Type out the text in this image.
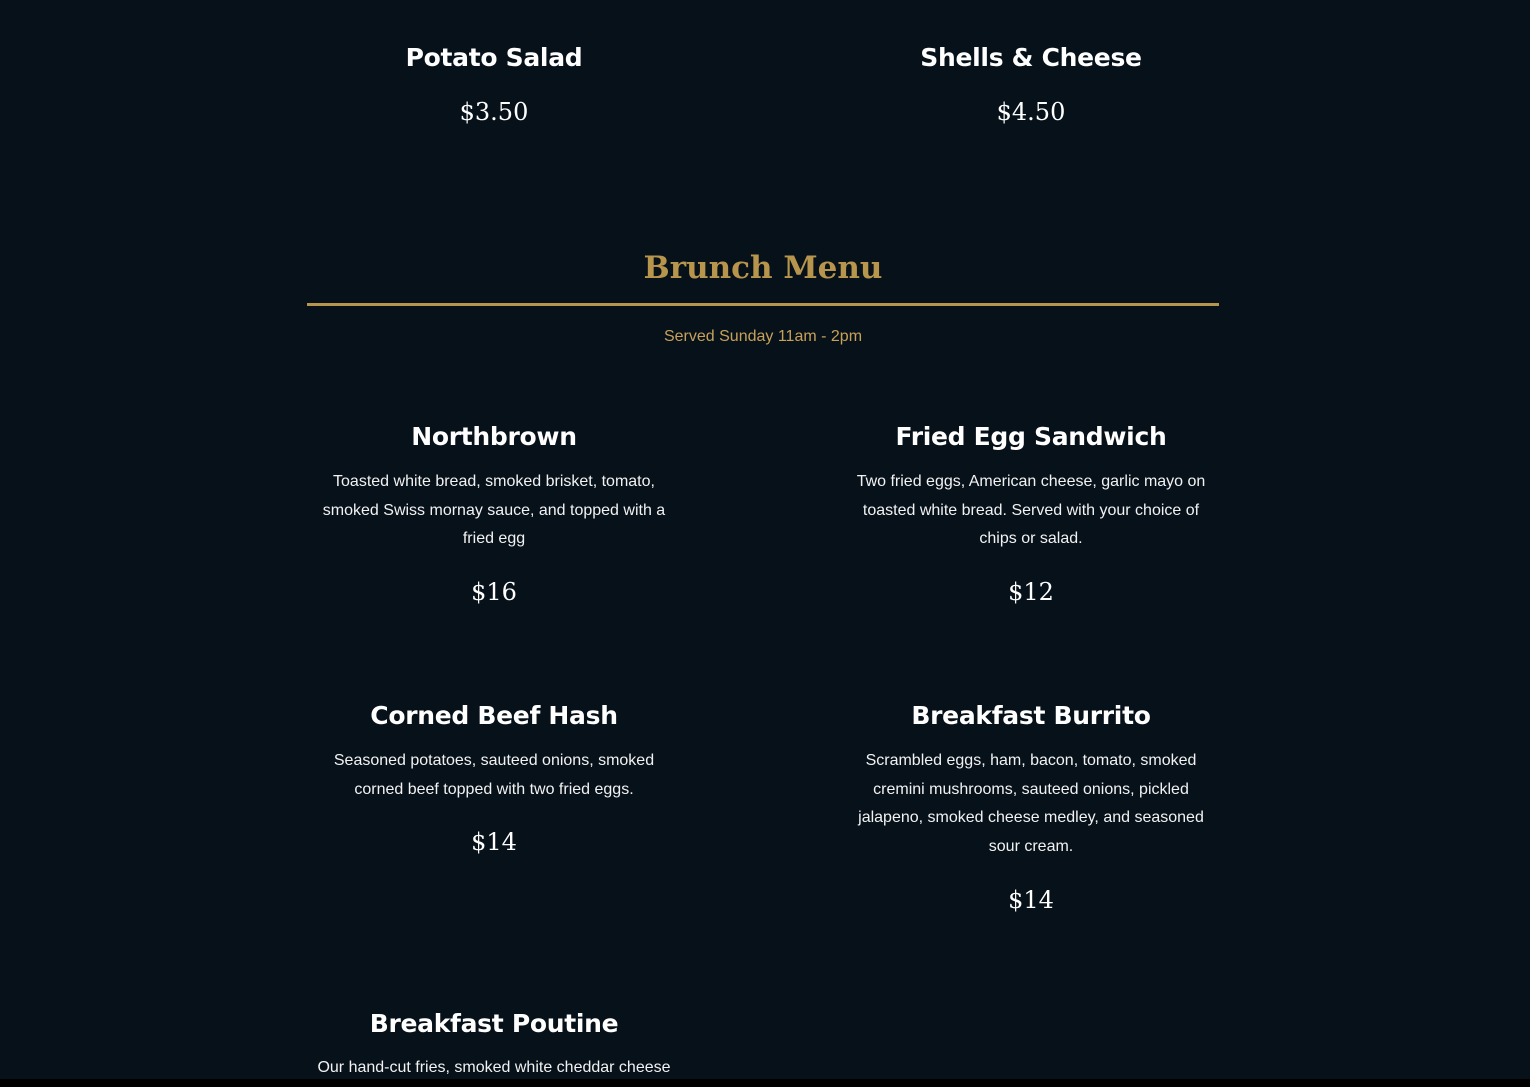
Potato Salad
$3.50
Shells & Cheese
$4.50
Brunch Menu
Served Sunday 11am - 2pm
Northbrown

Toasted white bread, smoked brisket, tomato, smoked Swiss mornay sauce, and topped with a fried egg

$16
Fried Egg Sandwich

Two fried eggs, American cheese, garlic mayo on toasted white bread. Served with your choice of chips or salad.

$12
Corned Beef Hash

Seasoned potatoes, sauteed onions, smoked corned beef topped with two fried eggs.

$14
Breakfast Burrito

Scrambled eggs, ham, bacon, tomato, smoked cremini mushrooms, sauteed onions, pickled jalapeno, smoked cheese medley, and seasoned sour cream.

$14
Breakfast Poutine

Our hand-cut fries, smoked white cheddar cheese
